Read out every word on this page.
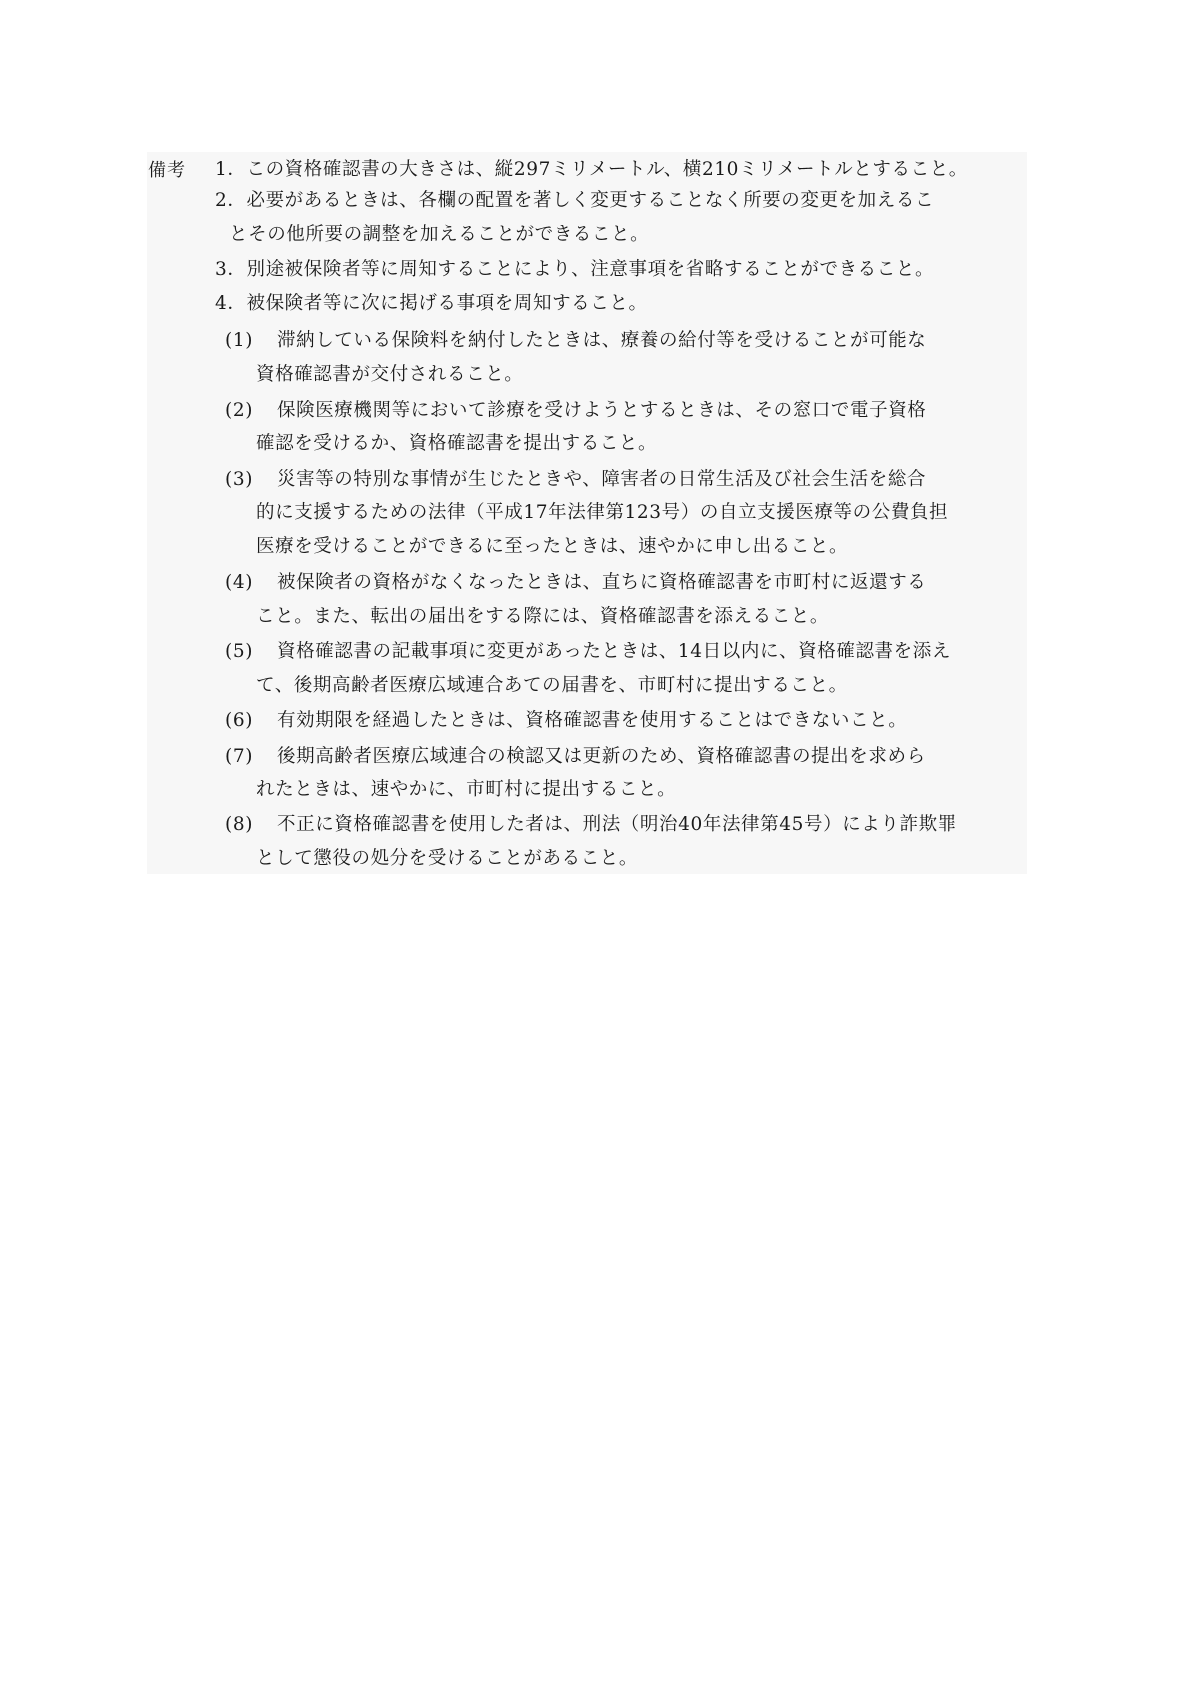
備考 1．この資格確認書の大きさは、縦297ミリメートル、横210ミリメートルとすること。
2．必要があるときは、各欄の配置を著しく変更することなく所要の変更を加えるこ
とその他所要の調整を加えることができること。
3．別途被保険者等に周知することにより、注意事項を省略することができること。
4．被保険者等に次に掲げる事項を周知すること。
(1) 滞納している保険料を納付したときは、療養の給付等を受けることが可能な
資格確認書が交付されること。
(2) 保険医療機関等において診療を受けようとするときは、その窓口で電子資格
確認を受けるか、資格確認書を提出すること。
(3) 災害等の特別な事情が生じたときや、障害者の日常生活及び社会生活を総合
的に支援するための法律（平成17年法律第123号）の自立支援医療等の公費負担
医療を受けることができるに至ったときは、速やかに申し出ること。
(4) 被保険者の資格がなくなったときは、直ちに資格確認書を市町村に返還する
こと。また、転出の届出をする際には、資格確認書を添えること。
(5) 資格確認書の記載事項に変更があったときは、14日以内に、資格確認書を添え
て、後期高齢者医療広域連合あての届書を、市町村に提出すること。
(6) 有効期限を経過したときは、資格確認書を使用することはできないこと。
(7) 後期高齢者医療広域連合の検認又は更新のため、資格確認書の提出を求めら
れたときは、速やかに、市町村に提出すること。
(8) 不正に資格確認書を使用した者は、刑法（明治40年法律第45号）により詐欺罪
として懲役の処分を受けることがあること。
